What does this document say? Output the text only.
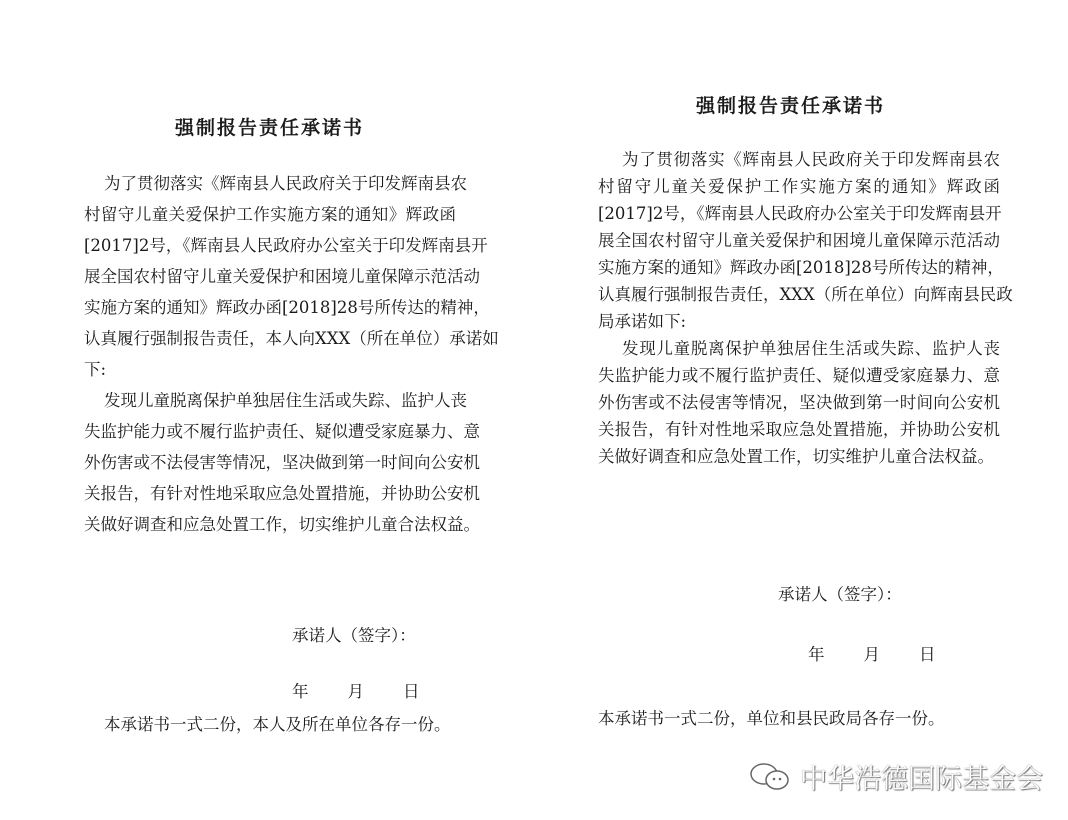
强制报告责任承诺书
为了贯彻落实《辉南县人民政府关于印发辉南县农
村留守儿童关爱保护工作实施方案的通知》辉政函
[2017]2号，《辉南县人民政府办公室关于印发辉南县开
展全国农村留守儿童关爱保护和困境儿童保障示范活动
实施方案的通知》辉政办函[2018]28号所传达的精神，
认真履行强制报告责任，本人向XXX（所在单位）承诺如
下:
发现儿童脱离保护单独居住生活或失踪、监护人丧
失监护能力或不履行监护责任、疑似遭受家庭暴力、意
外伤害或不法侵害等情况，坚决做到第一时间向公安机
关报告，有针对性地采取应急处置措施，并协助公安机
关做好调查和应急处置工作，切实维护儿童合法权益。
承诺人（签字）：
年　　月　　日
本承诺书一式二份，本人及所在单位各存一份。
强制报告责任承诺书
为了贯彻落实《辉南县人民政府关于印发辉南县农
村留守儿童关爱保护工作实施方案的通知》辉政函
[2017]2号，《辉南县人民政府办公室关于印发辉南县开
展全国农村留守儿童关爱保护和困境儿童保障示范活动
实施方案的通知》辉政办函[2018]28号所传达的精神，
认真履行强制报告责任，XXX（所在单位）向辉南县民政
局承诺如下:
发现儿童脱离保护单独居住生活或失踪、监护人丧
失监护能力或不履行监护责任、疑似遭受家庭暴力、意
外伤害或不法侵害等情况，坚决做到第一时间向公安机
关报告，有针对性地采取应急处置措施，并协助公安机
关做好调查和应急处置工作，切实维护儿童合法权益。
承诺人（签字）：
年　　月　　日
本承诺书一式二份，单位和县民政局各存一份。
中华浩德国际基金会
